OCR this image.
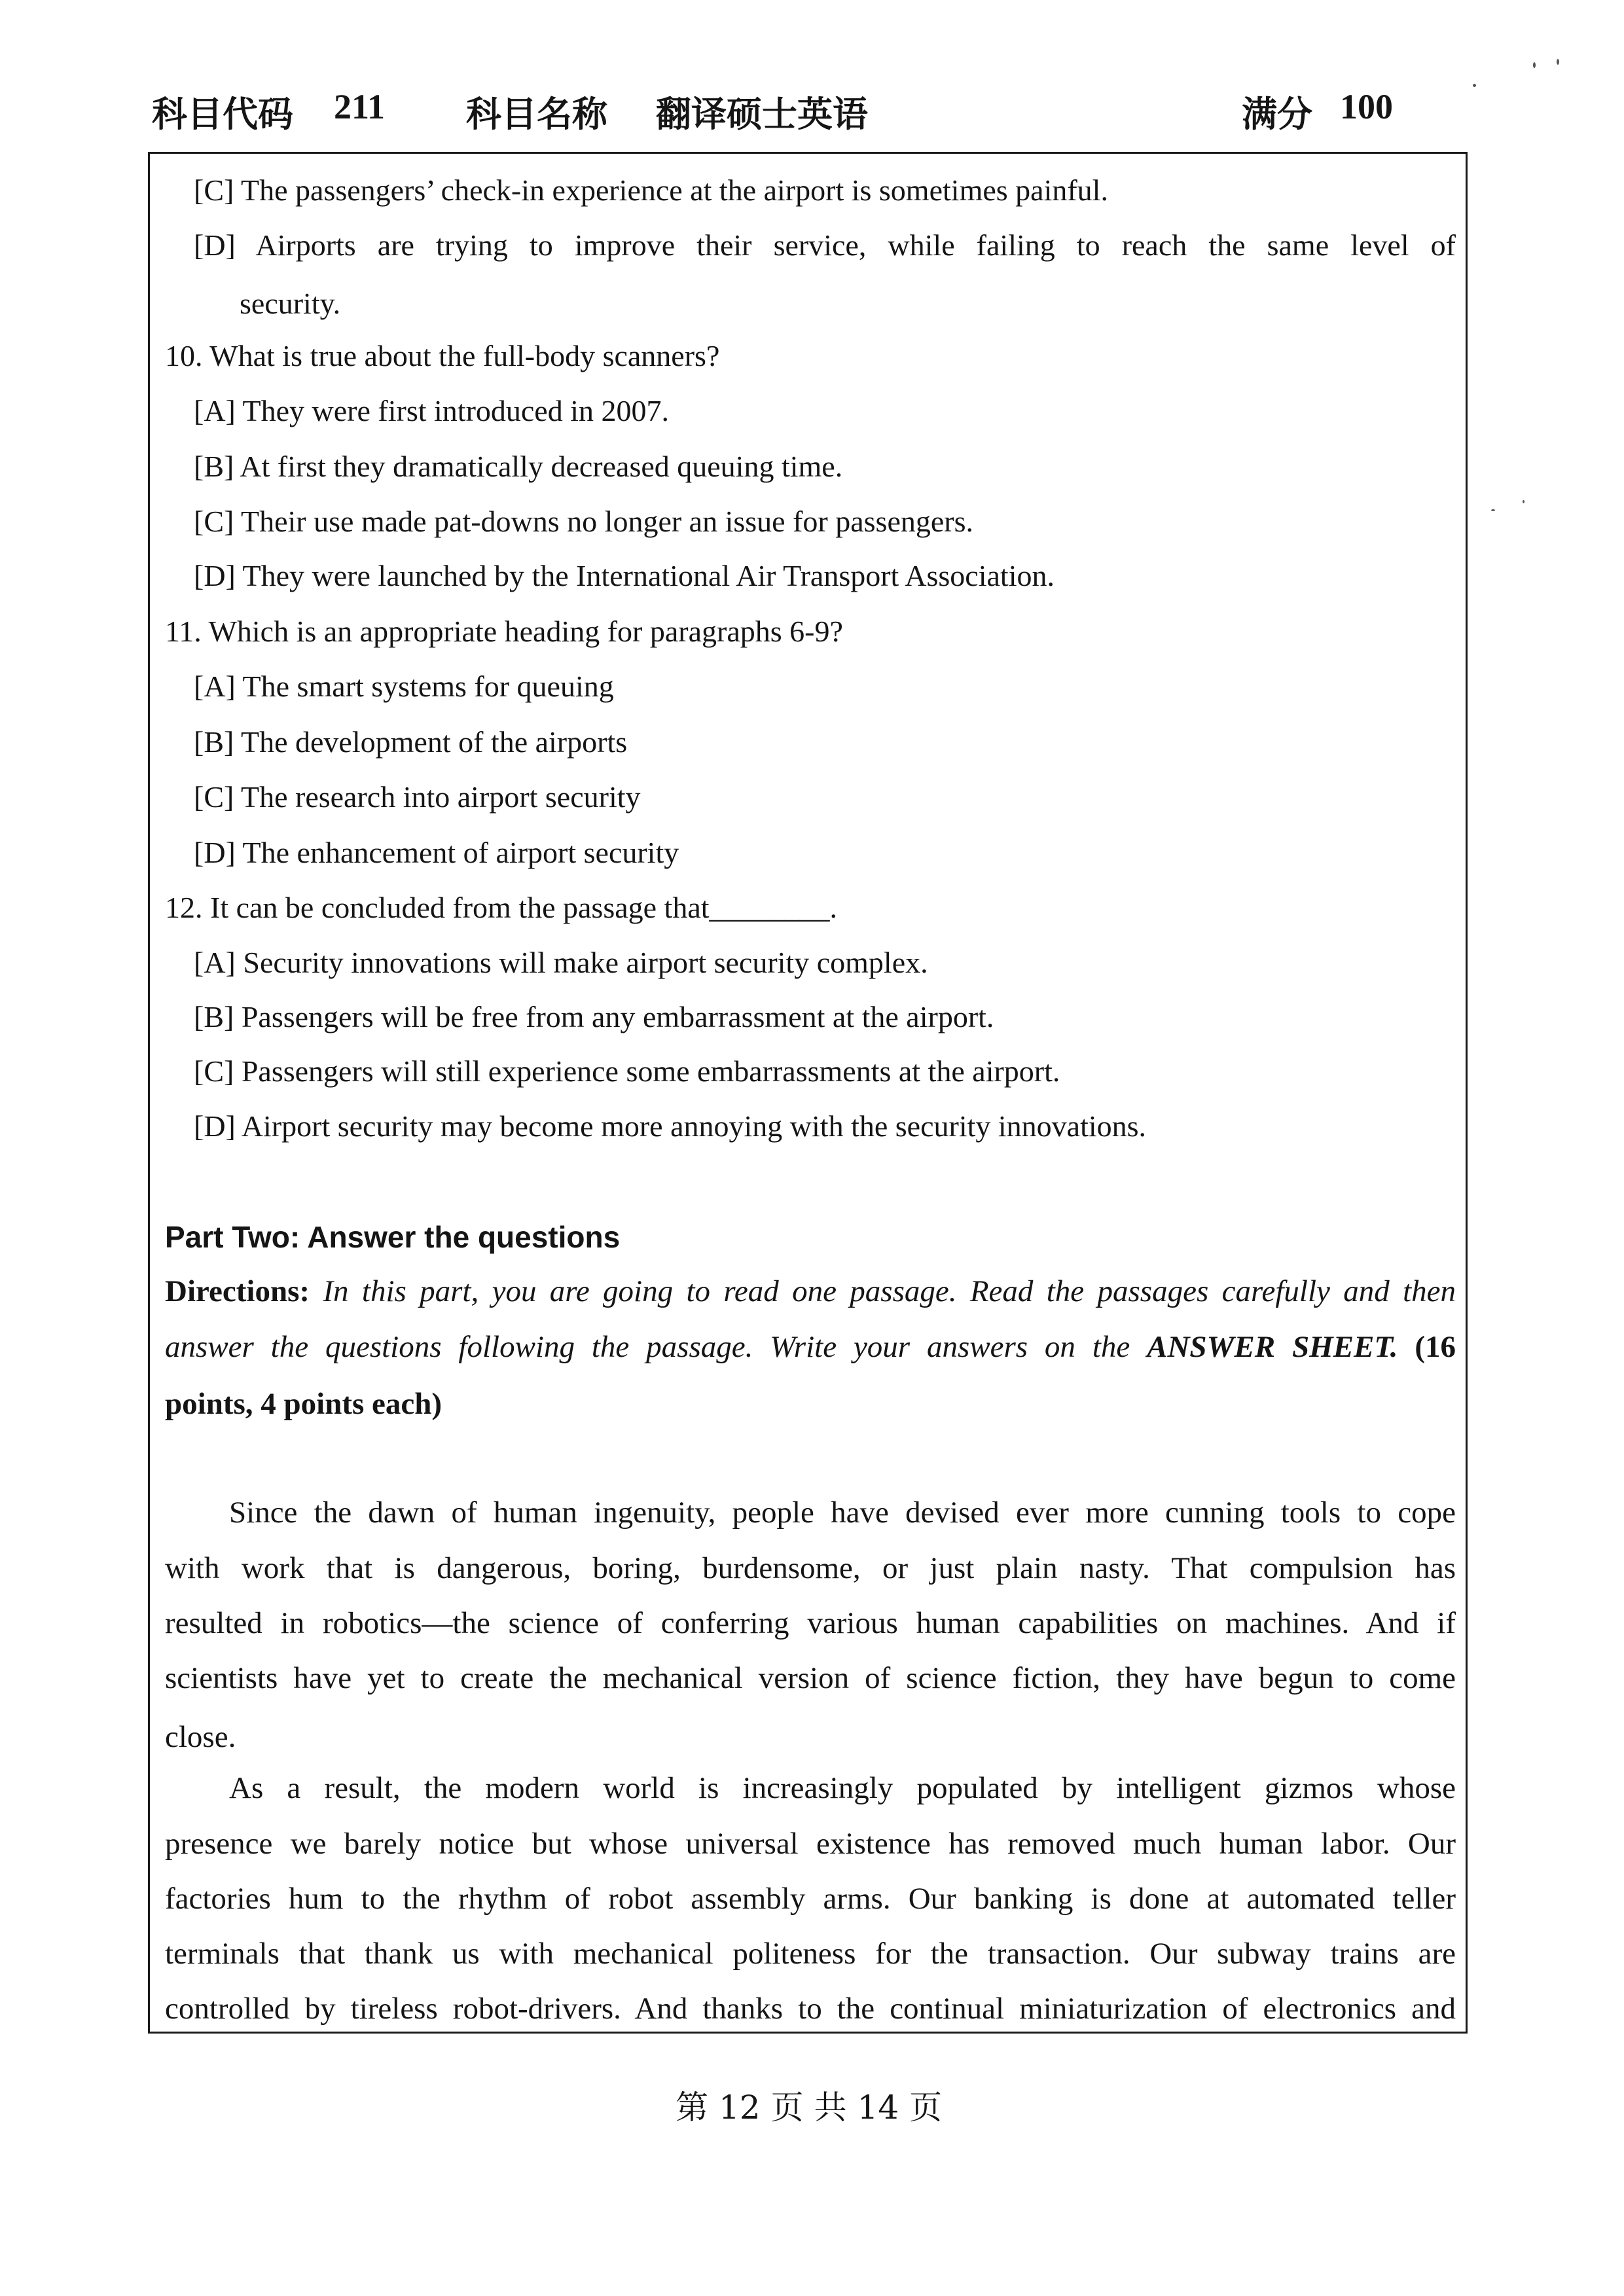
科目代码 211 科目名称 翻译硕士英语	满分 100
[C] The passengers’ check-in experience at the airport is sometimes painful.
[D] Airports are trying to improve their service, while failing to reach the same level of
security.
10. What is true about the full-body scanners?
[A] They were first introduced in 2007.
[B] At first they dramatically decreased queuing time.
[C] Their use made pat-downs no longer an issue for passengers.
[D] They were launched by the International Air Transport Association.
11. Which is an appropriate heading for paragraphs 6-9?
[A] The smart systems for queuing
[B] The development of the airports
[C] The research into airport security
[D] The enhancement of airport security
12. It can be concluded from the passage that________.
[A] Security innovations will make airport security complex.
[B] Passengers will be free from any embarrassment at the airport.
[C] Passengers will still experience some embarrassments at the airport.
[D] Airport security may become more annoying with the security innovations.
Part Two: Answer the questions
Directions: In this part, you are going to read one passage. Read the passages carefully and then
answer the questions following the passage. Write your answers on the ANSWER SHEET. (16
points, 4 points each)
Since the dawn of human ingenuity, people have devised ever more cunning tools to cope
with work that is dangerous, boring, burdensome, or just plain nasty. That compulsion has
resulted in robotics—the science of conferring various human capabilities on machines. And if
scientists have yet to create the mechanical version of science fiction, they have begun to come
close.
As a result, the modern world is increasingly populated by intelligent gizmos whose
presence we barely notice but whose universal existence has removed much human labor. Our
factories hum to the rhythm of robot assembly arms. Our banking is done at automated teller
terminals that thank us with mechanical politeness for the transaction. Our subway trains are
controlled by tireless robot-drivers. And thanks to the continual miniaturization of electronics and
第 12 页 共 14 页
